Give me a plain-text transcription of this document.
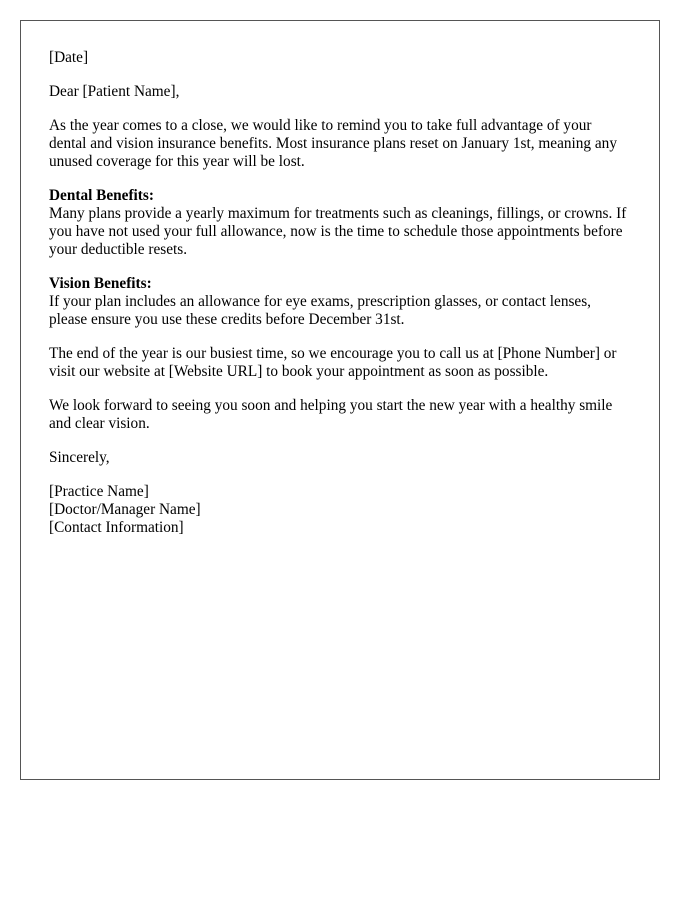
[Date]

Dear [Patient Name],

As the year comes to a close, we would like to remind you to take full advantage of your dental and vision insurance benefits. Most insurance plans reset on January 1st, meaning any unused coverage for this year will be lost.

Dental Benefits:
Many plans provide a yearly maximum for treatments such as cleanings, fillings, or crowns. If you have not used your full allowance, now is the time to schedule those appointments before your deductible resets.
Vision Benefits:
If your plan includes an allowance for eye exams, prescription glasses, or contact lenses, please ensure you use these credits before December 31st.

The end of the year is our busiest time, so we encourage you to call us at [Phone Number] or visit our website at [Website URL] to book your appointment as soon as possible.

We look forward to seeing you soon and helping you start the new year with a healthy smile and clear vision.

Sincerely,

[Practice Name]
[Doctor/Manager Name]
[Contact Information]
